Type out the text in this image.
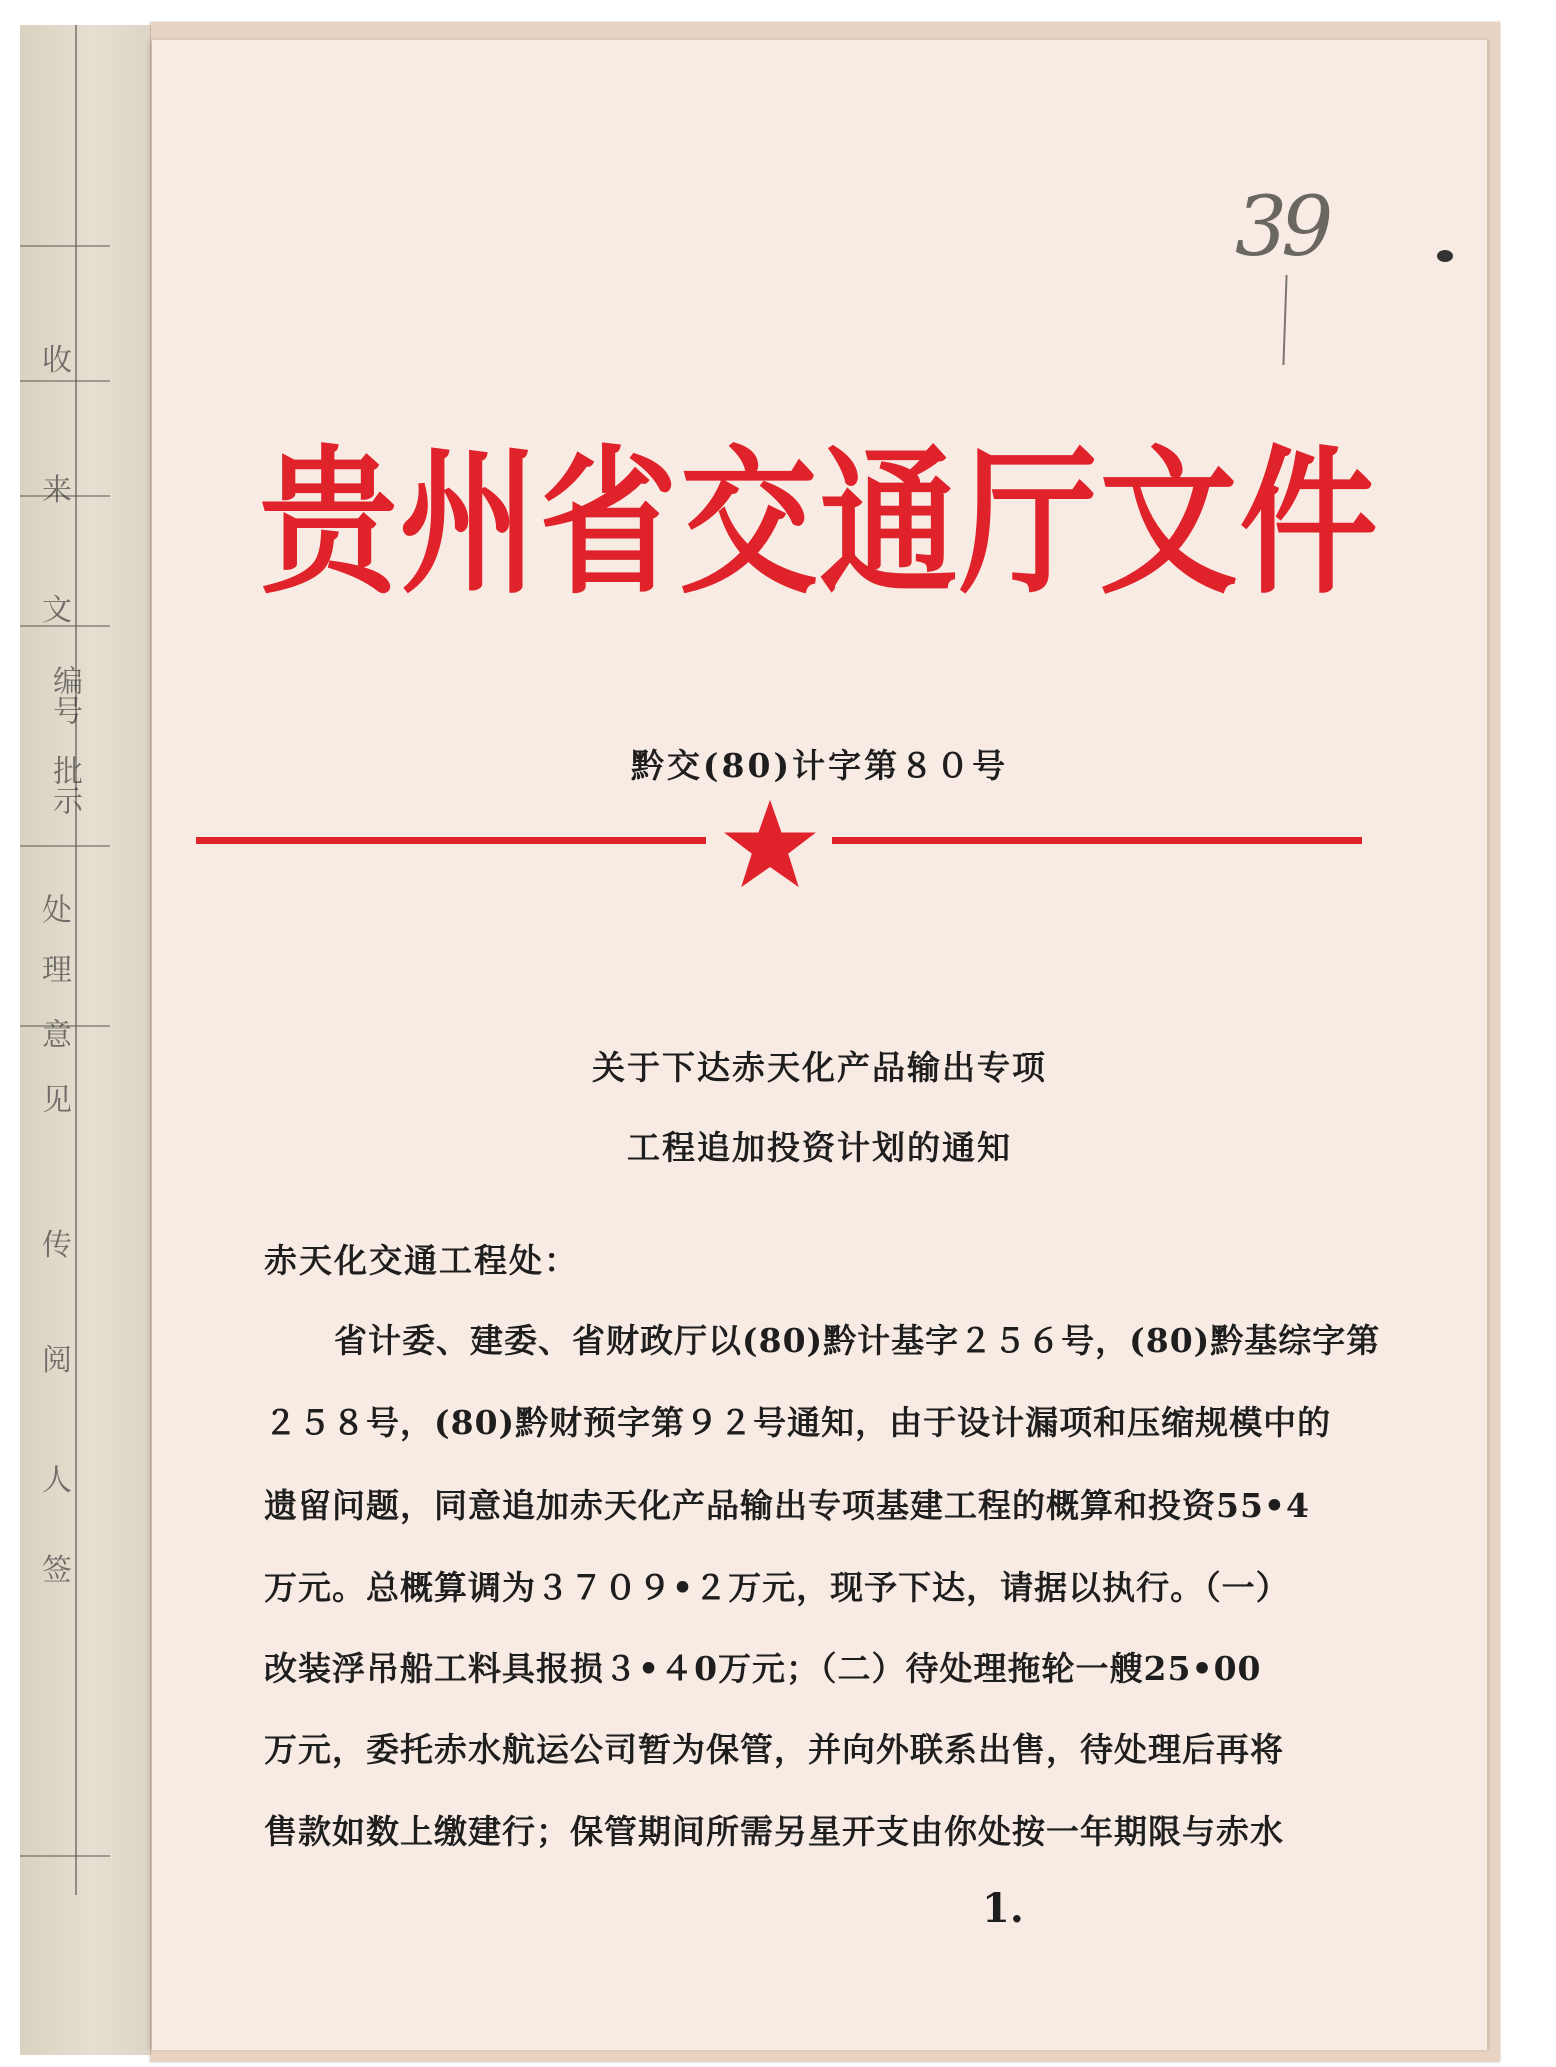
收
来
文
编号
批示
处
理
意
见
传
阅
人
签
39
贵州省交通厅文件
黔交(80)计字第８０号
关于下达赤天化产品输出专项
工程追加投资计划的通知
赤天化交通工程处：
省计委、建委、省财政厅以(80)黔计基字２５６号，(80)黔基综字第
２５８号，(80)黔财预字第９２号通知，由于设计漏项和压缩规模中的
遗留问题，同意追加赤天化产品输出专项基建工程的概算和投资55•4
万元。总概算调为３７０９•２万元，现予下达，请据以执行。（一）
改装浮吊船工料具报损３•４0万元；（二）待处理拖轮一艘25•00
万元，委托赤水航运公司暂为保管，并向外联系出售，待处理后再将
售款如数上缴建行；保管期间所需另星开支由你处按一年期限与赤水
1.
